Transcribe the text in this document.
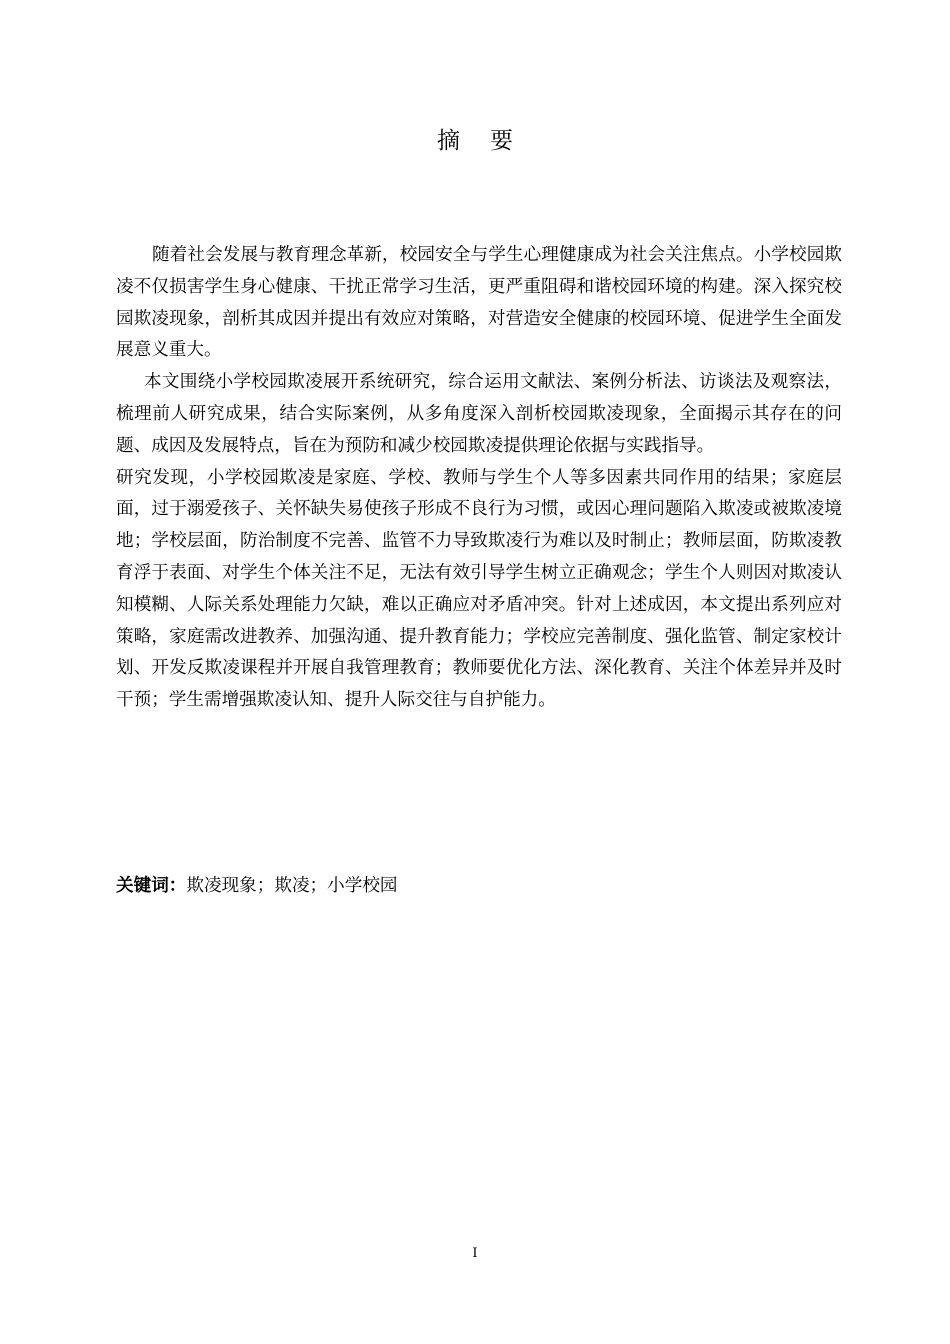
摘要

随着社会发展与教育理念革新，校园安全与学生心理健康成为社会关注焦点。小学校园欺凌不仅损害学生身心健康、干扰正常学习生活，更严重阻碍和谐校园环境的构建。深入探究校园欺凌现象，剖析其成因并提出有效应对策略，对营造安全健康的校园环境、促进学生全面发展意义重大。

本文围绕小学校园欺凌展开系统研究，综合运用文献法、案例分析法、访谈法及观察法，梳理前人研究成果，结合实际案例，从多角度深入剖析校园欺凌现象，全面揭示其存在的问题、成因及发展特点，旨在为预防和减少校园欺凌提供理论依据与实践指导。

研究发现，小学校园欺凌是家庭、学校、教师与学生个人等多因素共同作用的结果；家庭层面，过于溺爱孩子、关怀缺失易使孩子形成不良行为习惯，或因心理问题陷入欺凌或被欺凌境地；学校层面，防治制度不完善、监管不力导致欺凌行为难以及时制止；教师层面，防欺凌教育浮于表面、对学生个体关注不足，无法有效引导学生树立正确观念；学生个人则因对欺凌认知模糊、人际关系处理能力欠缺，难以正确应对矛盾冲突。针对上述成因，本文提出系列应对策略，家庭需改进教养、加强沟通、提升教育能力；学校应完善制度、强化监管、制定家校计划、开发反欺凌课程并开展自我管理教育；教师要优化方法、深化教育、关注个体差异并及时干预；学生需增强欺凌认知、提升人际交往与自护能力。

关键词：欺凌现象；欺凌；小学校园
I
